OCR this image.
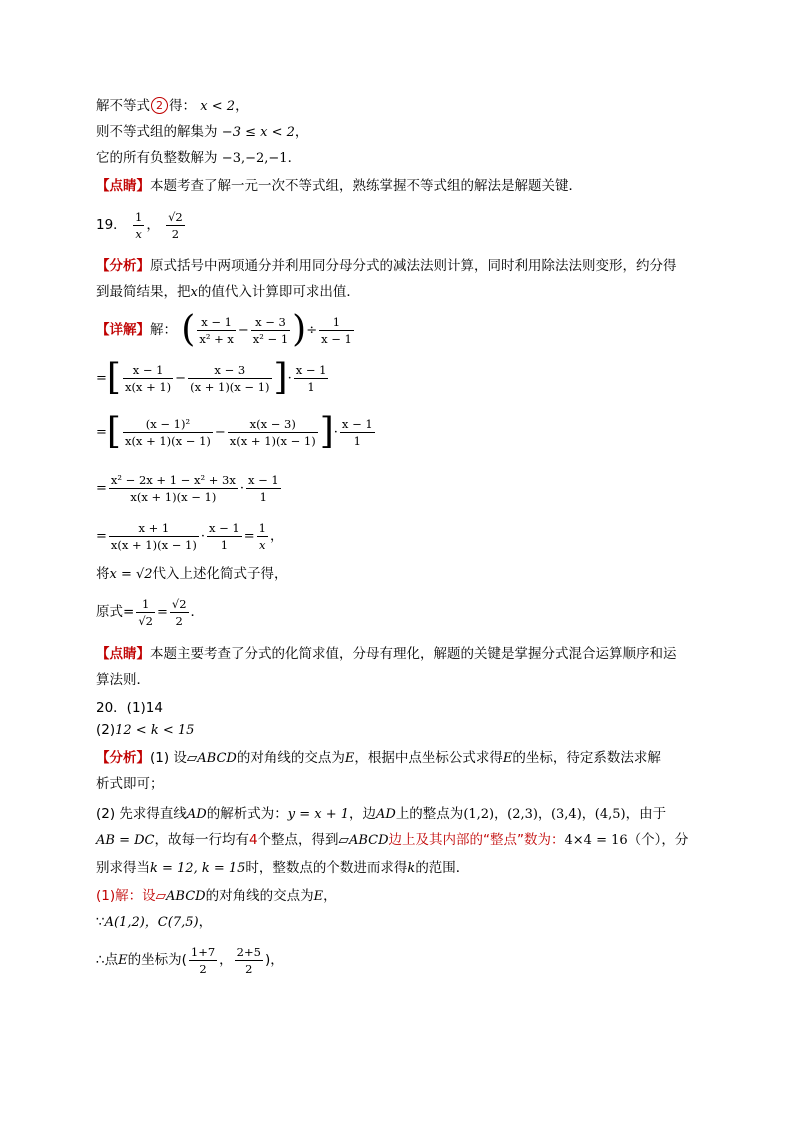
解不等式 2 得： x < 2，
则不等式组的解集为 −3 ≤ x < 2，
它的所有负整数解为 −3,−2,−1．
【点睛】本题考查了解一元一次不等式组，熟练掌握不等式组的解法是解题关键．
19． $\frac{1}{x}$ ， $\frac{√2}{2}$
【分析】原式括号中两项通分并利用同分母分式的减法法则计算，同时利用除法法则变形，约分得
到最简结果，把x的值代入计算即可求出值．
【详解】解： ( $\frac{x - 1}{\text{x² + x}} - \frac{x - 3}{\text{x² − 1}}$ )÷ $\frac{1}{x - 1}$
=[ $\frac{x - 1}{x(x + 1)} - \frac{x - 3}{(x + 1)(x - 1)}$ ]· $\frac{x - 1}{1}$
=[ $\frac{\text{(x − 1)²}}{x(x + 1)(x - 1)} - \frac{x(x - 3)}{x(x + 1)(x - 1)}$ ]· $\frac{x - 1}{1}$
= $\frac{\text{x² − 2x + 1 − x² + 3x}}{x(x + 1)(x - 1)} \cdot \frac{x - 1}{1}$
= $\frac{x + 1}{x(x + 1)(x - 1)} \cdot \frac{x - 1}{1} = \frac{1}{x}$ ，
将x = √2代入上述化简式子得，
原式= $\frac{1}{√2} = \frac{√2}{2}$ ．
【点睛】本题主要考查了分式的化简求值，分母有理化，解题的关键是掌握分式混合运算顺序和运
算法则．
20．(1)14
(2)12 < k < 15
【分析】(1) 设▱ABCD的对角线的交点为E，根据中点坐标公式求得E的坐标，待定系数法求解
析式即可；
(2) 先求得直线AD的解析式为：y = x + 1，边AD上的整点为(1,2)，(2,3)，(3,4)，(4,5)，由于
AB = DC，故每一行均有4个整点，得到▱ABCD边上及其内部的“整点”数为：4×4 = 16（个），分
别求得当k = 12, k = 15时，整数点的个数进而求得k的范围．
(1)解：设▱ABCD的对角线的交点为E，
∵A(1,2)，C(7,5)，
∴点E的坐标为( $\frac{1+7}{2}$ ， $\frac{2+5}{2}$ )，
